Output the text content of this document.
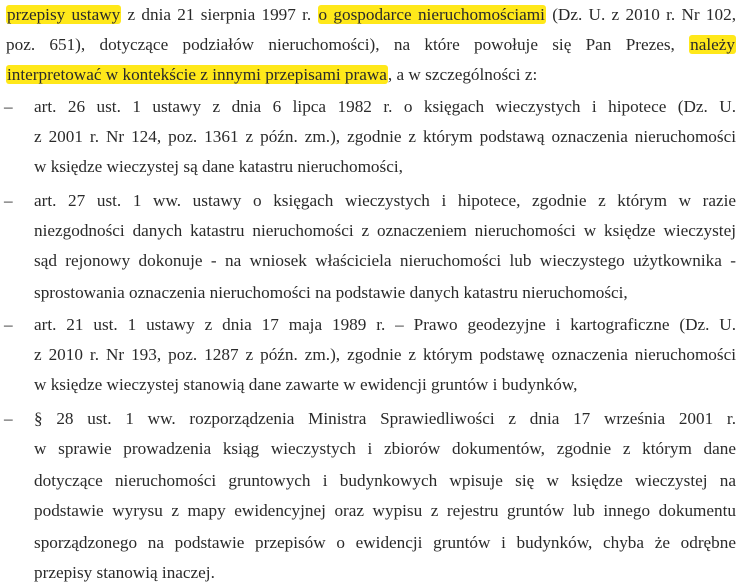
przepisy ustawy z dnia 21 sierpnia 1997 r. o gospodarce nieruchomościami (Dz. U. z 2010 r. Nr 102,
poz. 651), dotyczące podziałów nieruchomości), na które powołuje się Pan Prezes, należy
interpretować w kontekście z innymi przepisami prawa, a w szczególności z:
– art. 26 ust. 1 ustawy z dnia 6 lipca 1982 r. o księgach wieczystych i hipotece (Dz. U.
z 2001 r. Nr 124, poz. 1361 z późn. zm.), zgodnie z którym podstawą oznaczenia nieruchomości
w księdze wieczystej są dane katastru nieruchomości,
– art. 27 ust. 1 ww. ustawy o księgach wieczystych i hipotece, zgodnie z którym w razie
niezgodności danych katastru nieruchomości z oznaczeniem nieruchomości w księdze wieczystej
sąd rejonowy dokonuje - na wniosek właściciela nieruchomości lub wieczystego użytkownika -
sprostowania oznaczenia nieruchomości na podstawie danych katastru nieruchomości,
– art. 21 ust. 1 ustawy z dnia 17 maja 1989 r. – Prawo geodezyjne i kartograficzne (Dz. U.
z 2010 r. Nr 193, poz. 1287 z późn. zm.), zgodnie z którym podstawę oznaczenia nieruchomości
w księdze wieczystej stanowią dane zawarte w ewidencji gruntów i budynków,
– § 28 ust. 1 ww. rozporządzenia Ministra Sprawiedliwości z dnia 17 września 2001 r.
w sprawie prowadzenia ksiąg wieczystych i zbiorów dokumentów, zgodnie z którym dane
dotyczące nieruchomości gruntowych i budynkowych wpisuje się w księdze wieczystej na
podstawie wyrysu z mapy ewidencyjnej oraz wypisu z rejestru gruntów lub innego dokumentu
sporządzonego na podstawie przepisów o ewidencji gruntów i budynków, chyba że odrębne
przepisy stanowią inaczej.
